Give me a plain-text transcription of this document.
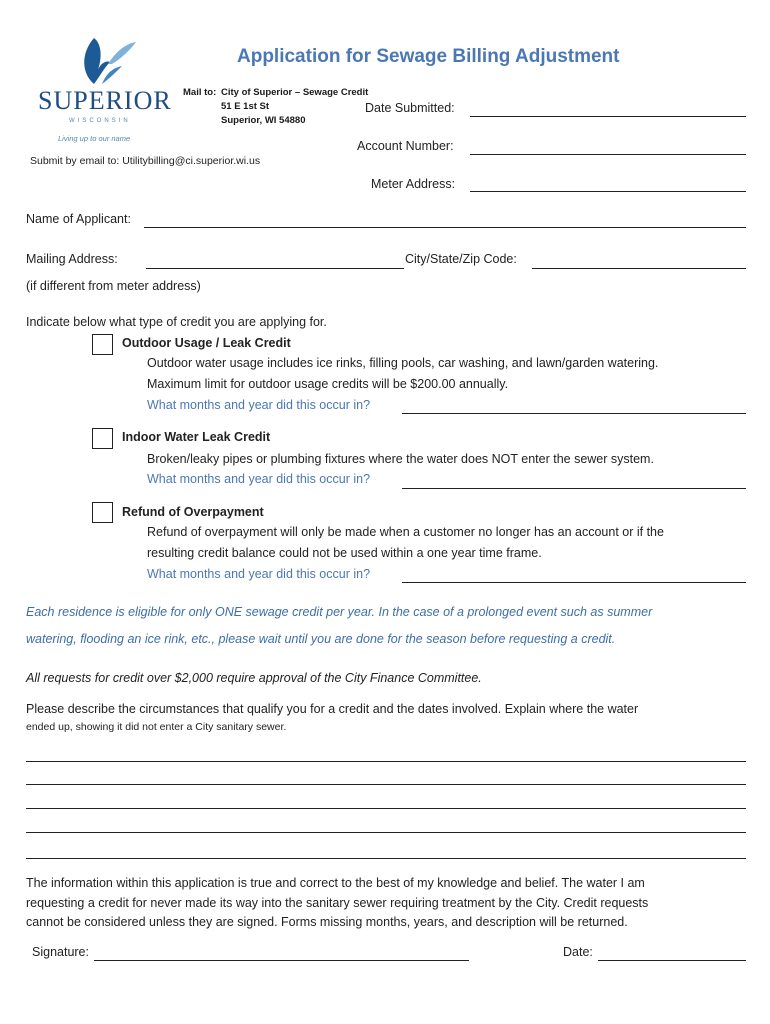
SUPERIOR
WISCONSIN
Living up to our name
Application for Sewage Billing Adjustment
Mail to: City of Superior – Sewage Credit
51 E 1st St
Superior, WI 54880
Submit by email to: Utilitybilling@ci.superior.wi.us
Date Submitted:
Account Number:
Meter Address:
Name of Applicant:
Mailing Address:	City/State/Zip Code:
(if different from meter address)
Indicate below what type of credit you are applying for.
Outdoor Usage / Leak Credit
Outdoor water usage includes ice rinks, filling pools, car washing, and lawn/garden watering.
Maximum limit for outdoor usage credits will be $200.00 annually.
What months and year did this occur in?
Indoor Water Leak Credit
Broken/leaky pipes or plumbing fixtures where the water does NOT enter the sewer system.
What months and year did this occur in?
Refund of Overpayment
Refund of overpayment will only be made when a customer no longer has an account or if the
resulting credit balance could not be used within a one year time frame.
What months and year did this occur in?
Each residence is eligible for only ONE sewage credit per year. In the case of a prolonged event such as summer
watering, flooding an ice rink, etc., please wait until you are done for the season before requesting a credit.
All requests for credit over $2,000 require approval of the City Finance Committee.
Please describe the circumstances that qualify you for a credit and the dates involved. Explain where the water
ended up, showing it did not enter a City sanitary sewer.
The information within this application is true and correct to the best of my knowledge and belief. The water I am
requesting a credit for never made its way into the sanitary sewer requiring treatment by the City. Credit requests
cannot be considered unless they are signed. Forms missing months, years, and description will be returned.
Signature:	Date:
